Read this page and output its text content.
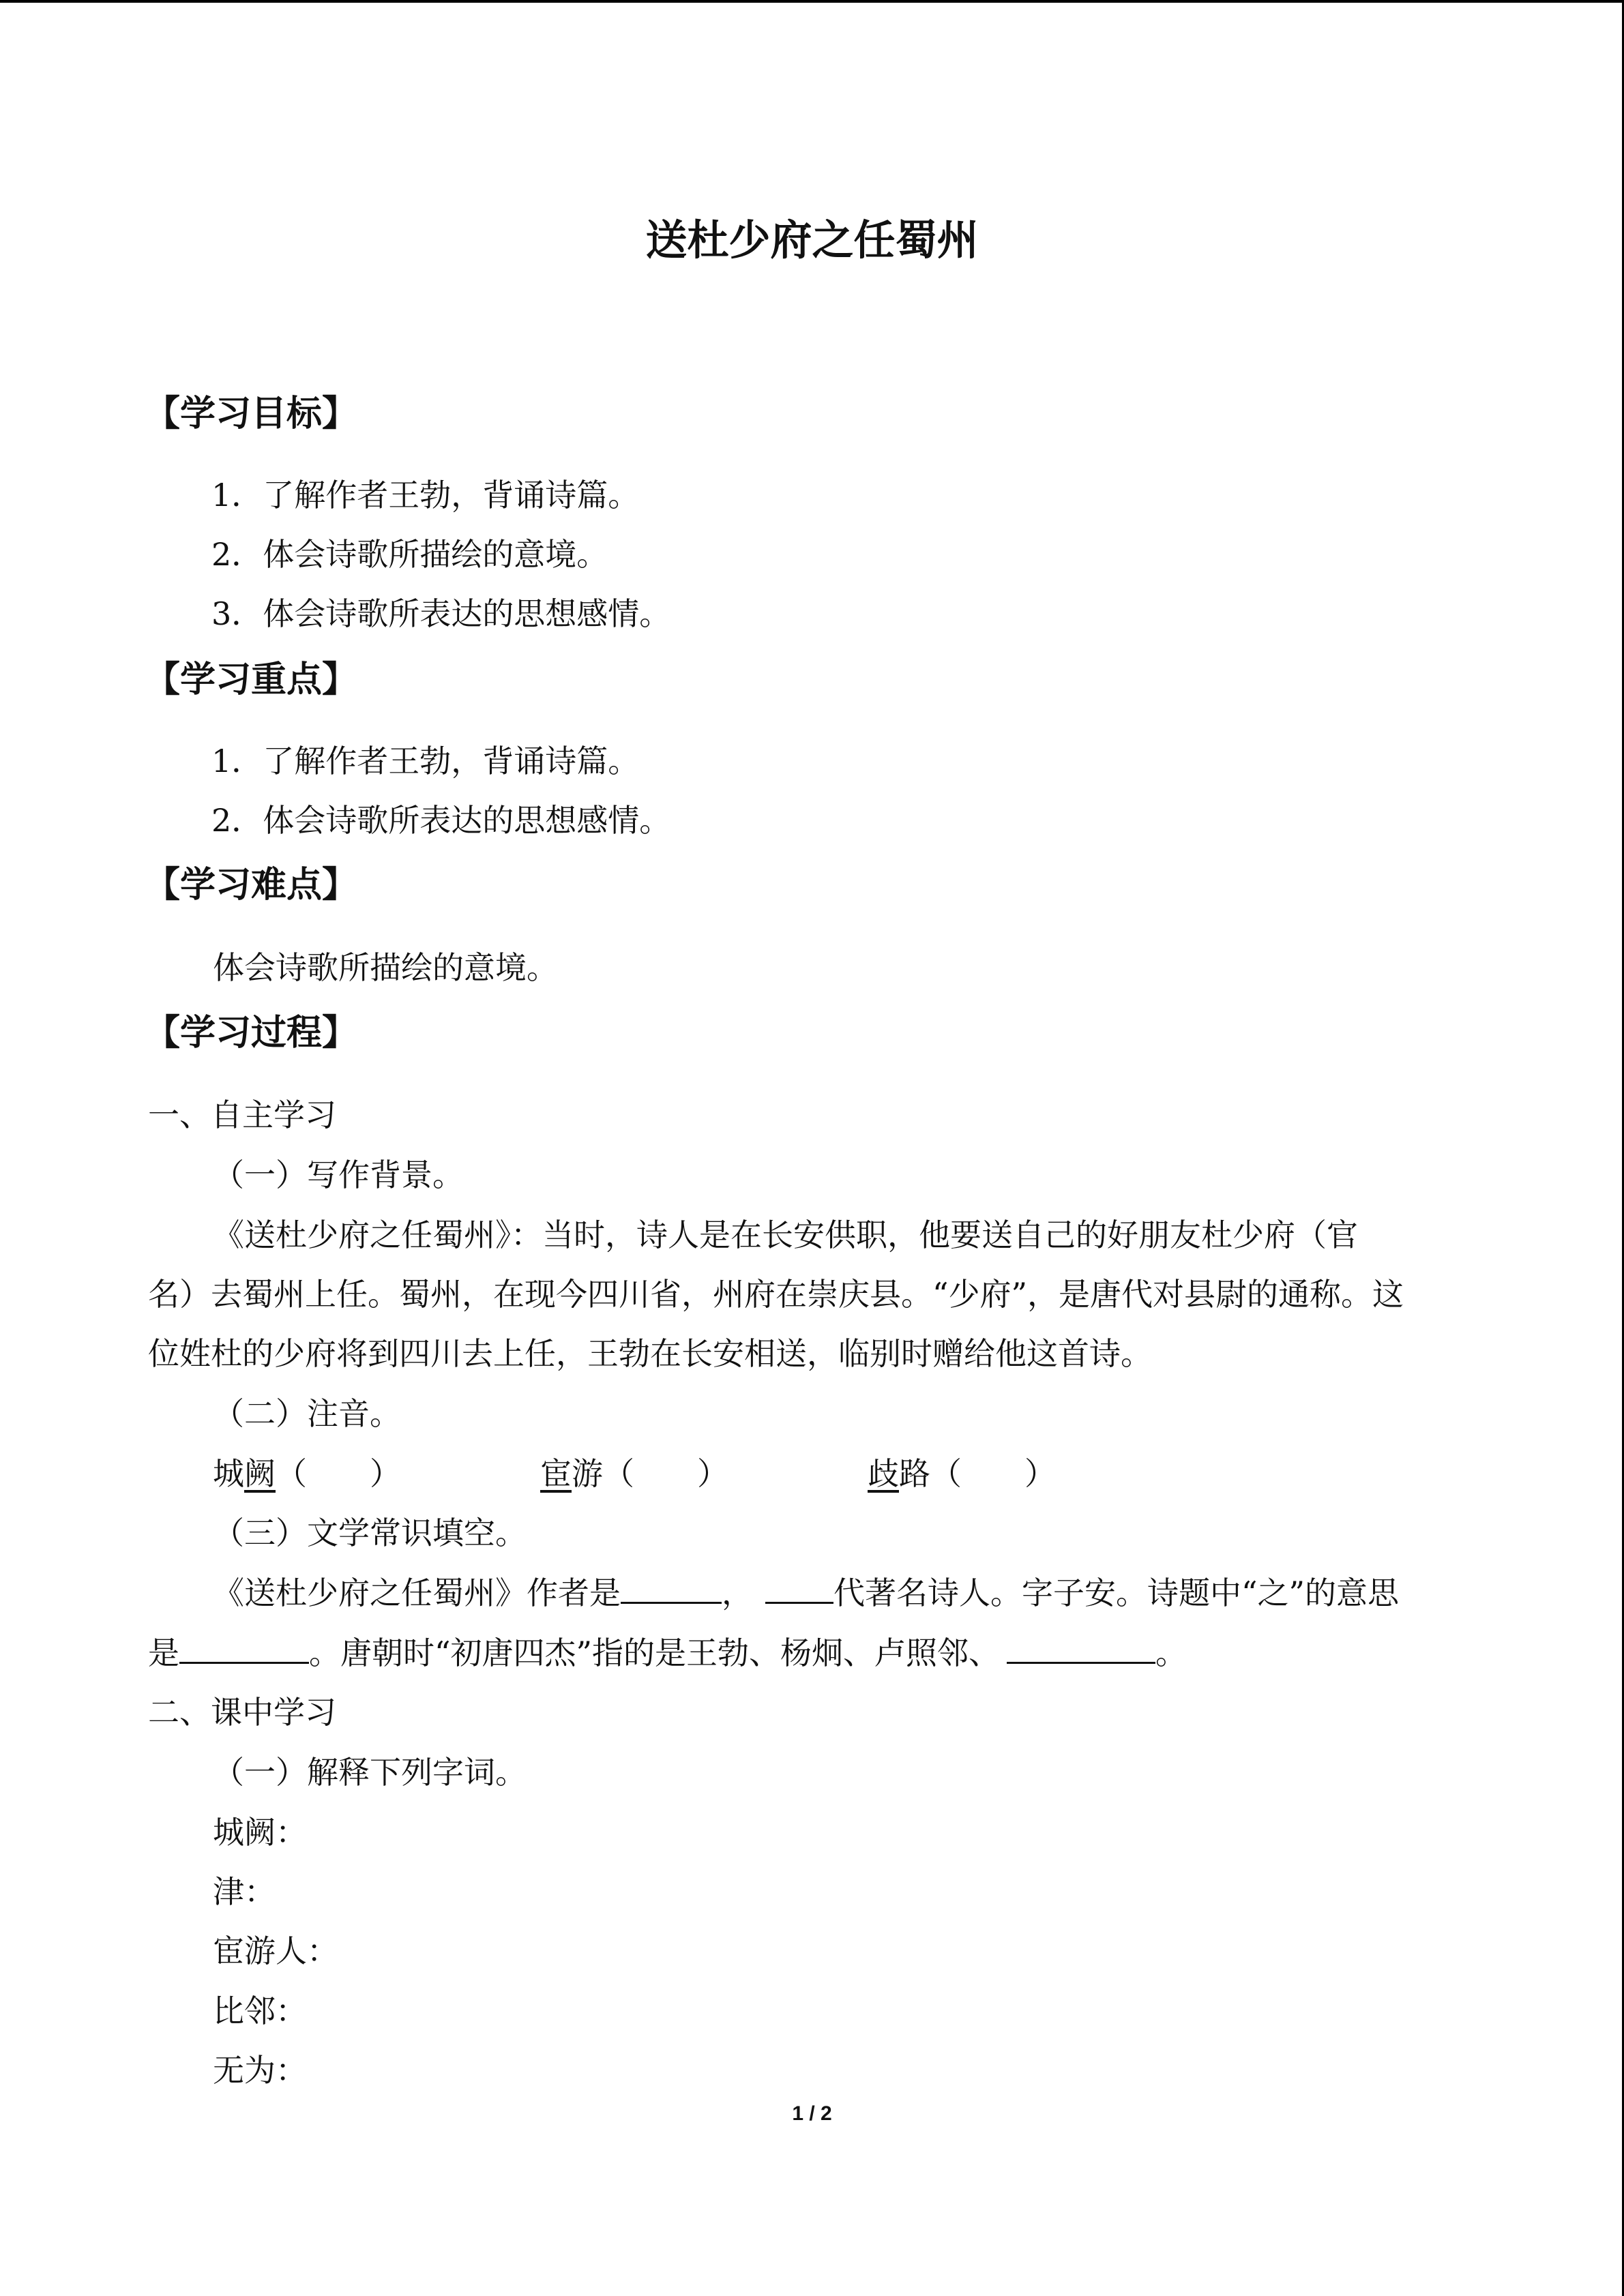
送杜少府之任蜀州
【学习目标】
1．了解作者王勃，背诵诗篇。
2．体会诗歌所描绘的意境。
3．体会诗歌所表达的思想感情。
【学习重点】
1．了解作者王勃，背诵诗篇。
2．体会诗歌所表达的思想感情。
【学习难点】
体会诗歌所描绘的意境。
【学习过程】
一、自主学习
（一）写作背景。
《送杜少府之任蜀州》：当时，诗人是在长安供职，他要送自己的好朋友杜少府（官
名）去蜀州上任。蜀州，在现今四川省，州府在崇庆县。“少府”，是唐代对县尉的通称。这
位姓杜的少府将到四川去上任，王勃在长安相送，临别时赠给他这首诗。
（二）注音。
城阙（　　）	宦游（　　）	歧路（　　）
（三）文学常识填空。
《送杜少府之任蜀州》作者是	，	代著名诗人。字子安。诗题中“之”的意思
是	。唐朝时“初唐四杰”指的是王勃、杨炯、卢照邻、	。
二、课中学习
（一）解释下列字词。
城阙：
津：
宦游人：
比邻：
无为：
1 / 2
